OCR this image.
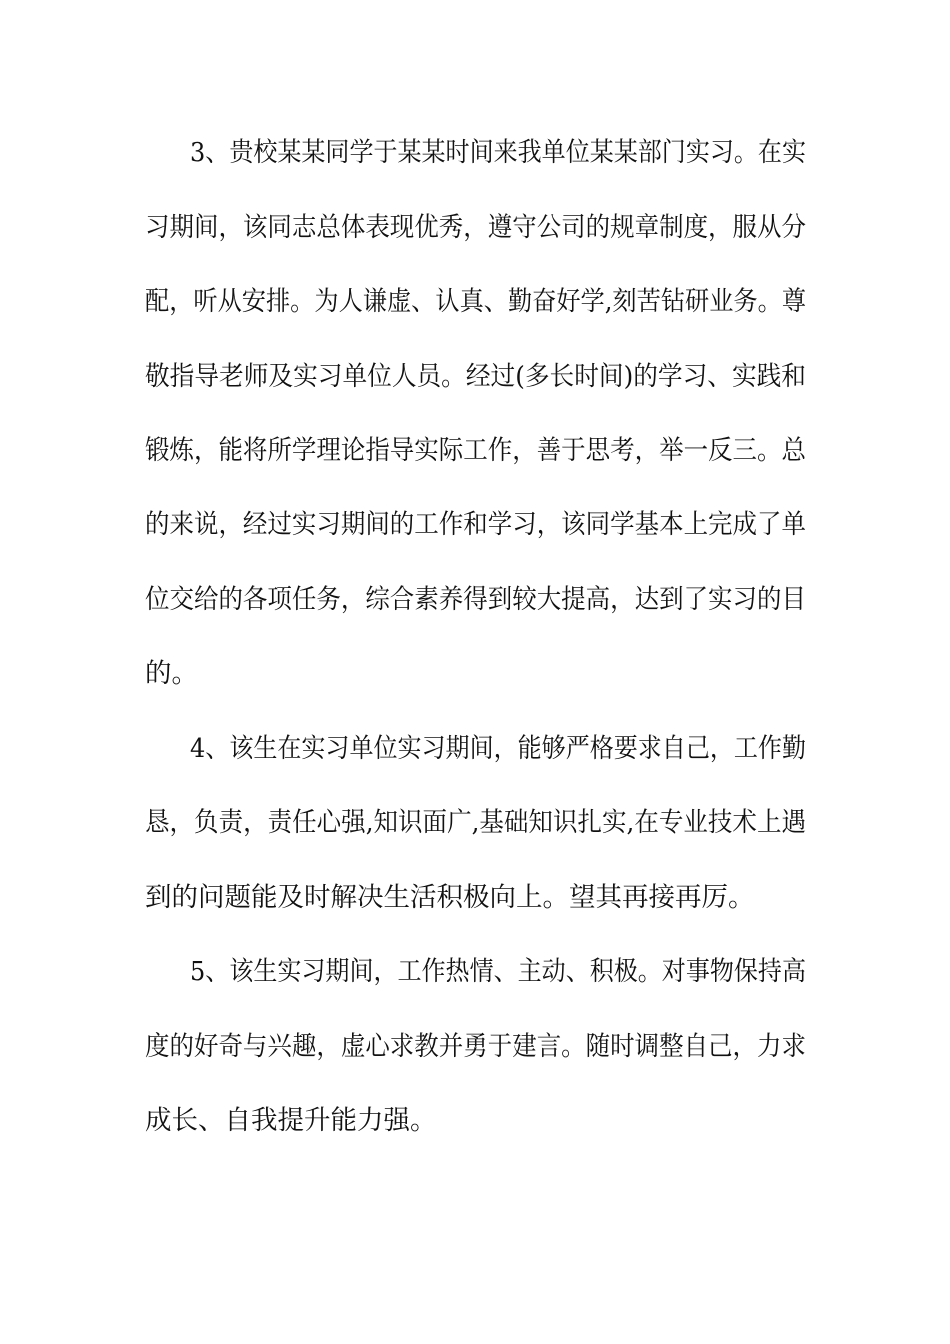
3、贵校某某同学于某某时间来我单位某某部门实习。在实
习期间，该同志总体表现优秀，遵守公司的规章制度，服从分
配，听从安排。为人谦虚、认真、勤奋好学,刻苦钻研业务。尊
敬指导老师及实习单位人员。经过(多长时间)的学习、实践和
锻炼，能将所学理论指导实际工作，善于思考，举一反三。总
的来说，经过实习期间的工作和学习，该同学基本上完成了单
位交给的各项任务，综合素养得到较大提高，达到了实习的目
的。
4、该生在实习单位实习期间，能够严格要求自己，工作勤
恳，负责，责任心强,知识面广,基础知识扎实,在专业技术上遇
到的问题能及时解决生活积极向上。望其再接再厉。
5、该生实习期间，工作热情、主动、积极。对事物保持高
度的好奇与兴趣，虚心求教并勇于建言。随时调整自己，力求
成长、自我提升能力强。
